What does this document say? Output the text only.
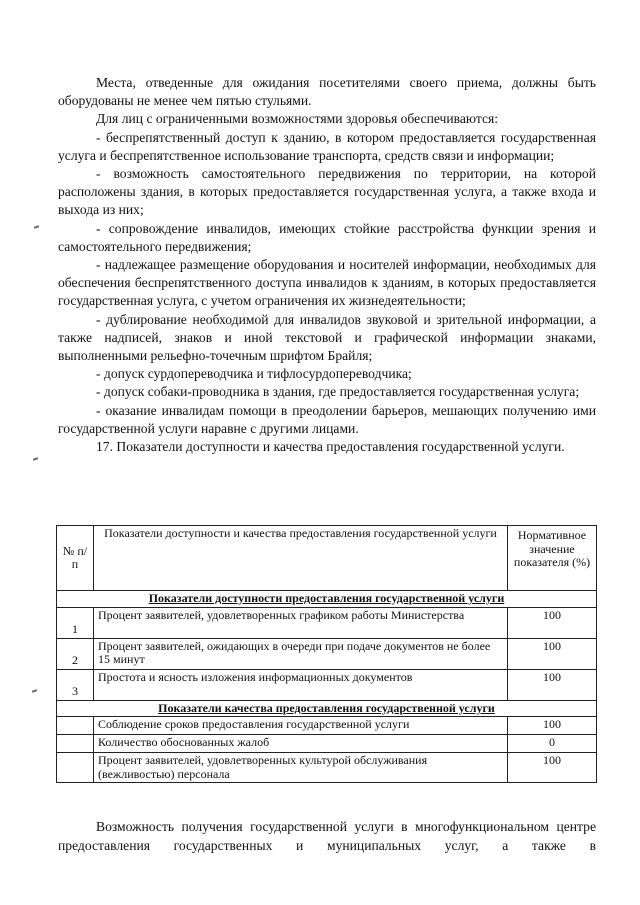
Места, отведенные для ожидания посетителями своего приема, должны быть оборудованы не менее чем пятью стульями.

Для лиц с ограниченными возможностями здоровья обеспечиваются:

- беспрепятственный доступ к зданию, в котором предоставляется государственная услуга и беспрепятственное использование транспорта, средств связи и информации;

- возможность самостоятельного передвижения по территории, на которой расположены здания, в которых предоставляется государственная услуга, а также входа и выхода из них;

- сопровождение инвалидов, имеющих стойкие расстройства функции зрения и самостоятельного передвижения;

- надлежащее размещение оборудования и носителей информации, необходимых для обеспечения беспрепятственного доступа инвалидов к зданиям, в которых предоставляется государственная услуга, с учетом ограничения их жизнедеятельности;

- дублирование необходимой для инвалидов звуковой и зрительной информации, а также надписей, знаков и иной текстовой и графической информации знаками, выполненными рельефно-точечным шрифтом Брайля;

- допуск сурдопереводчика и тифлосурдопереводчика;

- допуск собаки-проводника в здания, где предоставляется государственная услуга;

- оказание инвалидам помощи в преодолении барьеров, мешающих получению ими государственной услуги наравне с другими лицами.

17. Показатели доступности и качества предоставления государственной услуги.

№ п/п	Показатели доступности и качества предоставления государственной услуги	Нормативное значение показателя (%)
Показатели доступности предоставления государственной услуги		
1	Процент заявителей, удовлетворенных графиком работы Министерства	100
2	Процент заявителей, ожидающих в очереди при подаче документов не более 15 минут	100
3	Простота и ясность изложения информационных документов	100
Показатели качества предоставления государственной услуги		
	Соблюдение сроков предоставления государственной услуги	100
	Количество обоснованных жалоб	0
	Процент заявителей, удовлетворенных культурой обслуживания (вежливостью) персонала	100

Возможность получения государственной услуги в многофункциональном центре предоставления государственных и муниципальных услуг, а также в
